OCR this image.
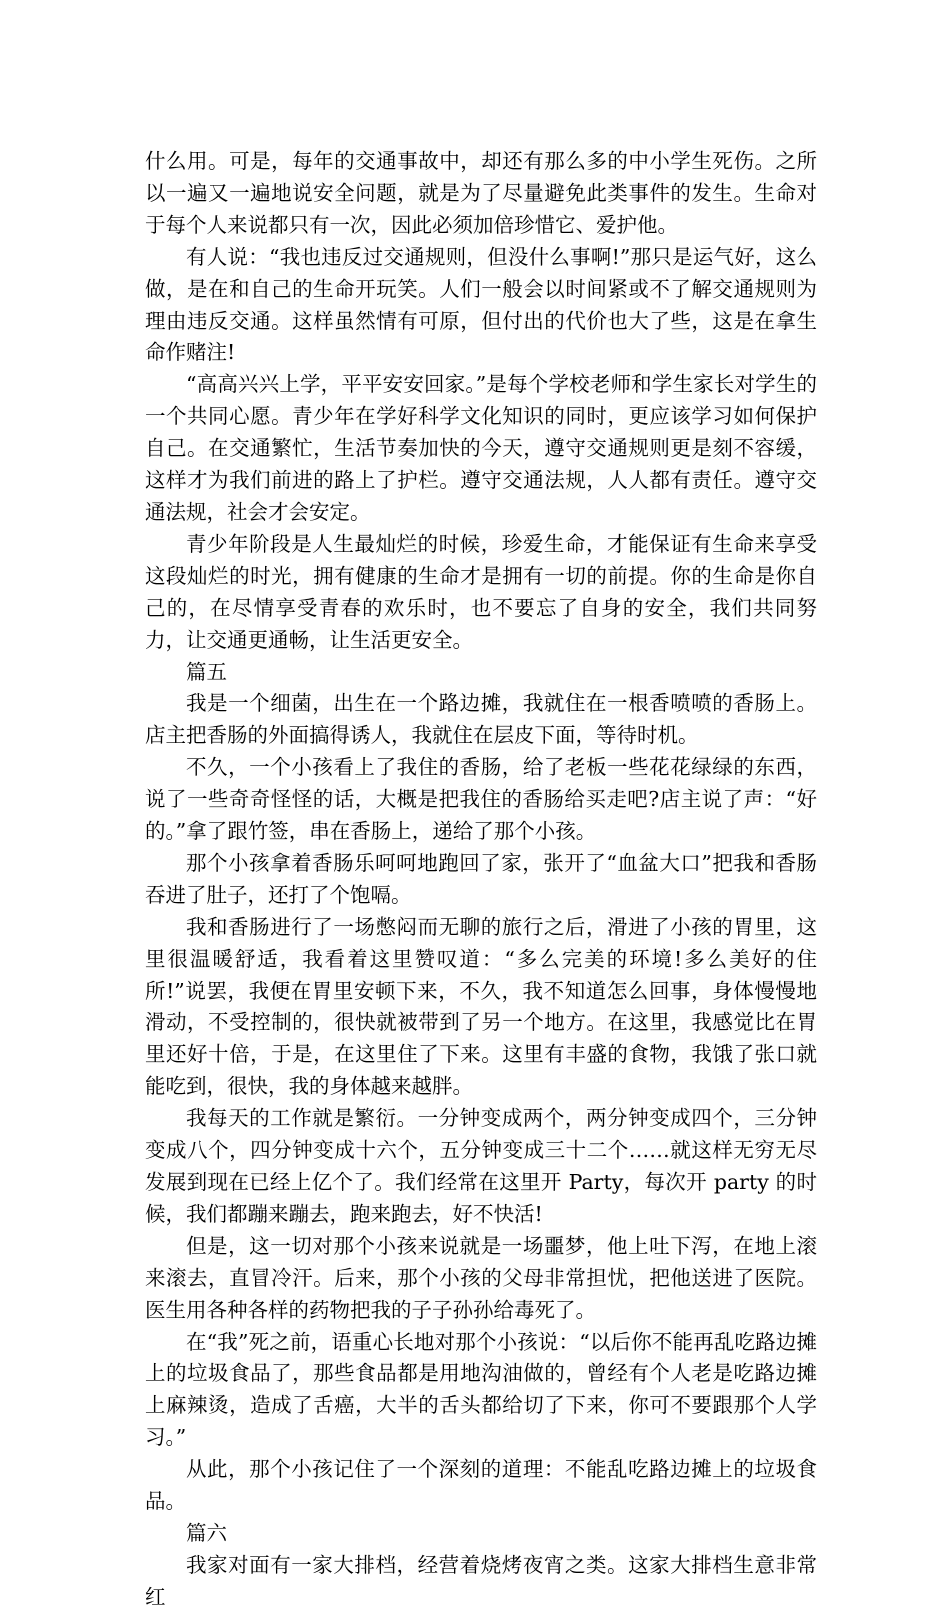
什么用。可是，每年的交通事故中，却还有那么多的中小学生死伤。之所以一遍又一遍地说安全问题，就是为了尽量避免此类事件的发生。生命对于每个人来说都只有一次，因此必须加倍珍惜它、爱护他。

有人说：“我也违反过交通规则，但没什么事啊!”那只是运气好，这么做，是在和自己的生命开玩笑。人们一般会以时间紧或不了解交通规则为理由违反交通。这样虽然情有可原，但付出的代价也大了些，这是在拿生命作赌注!

“高高兴兴上学，平平安安回家。”是每个学校老师和学生家长对学生的一个共同心愿。青少年在学好科学文化知识的同时，更应该学习如何保护自己。在交通繁忙，生活节奏加快的今天，遵守交通规则更是刻不容缓，这样才为我们前进的路上了护栏。遵守交通法规，人人都有责任。遵守交通法规，社会才会安定。

青少年阶段是人生最灿烂的时候，珍爱生命，才能保证有生命来享受这段灿烂的时光，拥有健康的生命才是拥有一切的前提。你的生命是你自己的，在尽情享受青春的欢乐时，也不要忘了自身的安全，我们共同努力，让交通更通畅，让生活更安全。

篇五

我是一个细菌，出生在一个路边摊，我就住在一根香喷喷的香肠上。店主把香肠的外面搞得诱人，我就住在层皮下面，等待时机。

不久，一个小孩看上了我住的香肠，给了老板一些花花绿绿的东西，说了一些奇奇怪怪的话，大概是把我住的香肠给买走吧?店主说了声：“好的。”拿了跟竹签，串在香肠上，递给了那个小孩。

那个小孩拿着香肠乐呵呵地跑回了家，张开了“血盆大口”把我和香肠吞进了肚子，还打了个饱嗝。

我和香肠进行了一场憋闷而无聊的旅行之后，滑进了小孩的胃里，这里很温暖舒适，我看着这里赞叹道：“多么完美的环境!多么美好的住所!”说罢，我便在胃里安顿下来，不久，我不知道怎么回事，身体慢慢地滑动，不受控制的，很快就被带到了另一个地方。在这里，我感觉比在胃里还好十倍，于是，在这里住了下来。这里有丰盛的食物，我饿了张口就能吃到，很快，我的身体越来越胖。

我每天的工作就是繁衍。一分钟变成两个，两分钟变成四个，三分钟变成八个，四分钟变成十六个，五分钟变成三十二个……就这样无穷无尽发展到现在已经上亿个了。我们经常在这里开 Party，每次开 party 的时候，我们都蹦来蹦去，跑来跑去，好不快活!

但是，这一切对那个小孩来说就是一场噩梦，他上吐下泻，在地上滚来滚去，直冒冷汗。后来，那个小孩的父母非常担忧，把他送进了医院。医生用各种各样的药物把我的子子孙孙给毒死了。

在“我”死之前，语重心长地对那个小孩说：“以后你不能再乱吃路边摊上的垃圾食品了，那些食品都是用地沟油做的，曾经有个人老是吃路边摊上麻辣烫，造成了舌癌，大半的舌头都给切了下来，你可不要跟那个人学习。”

从此，那个小孩记住了一个深刻的道理：不能乱吃路边摊上的垃圾食品。

篇六

我家对面有一家大排档，经营着烧烤夜宵之类。这家大排档生意非常红
